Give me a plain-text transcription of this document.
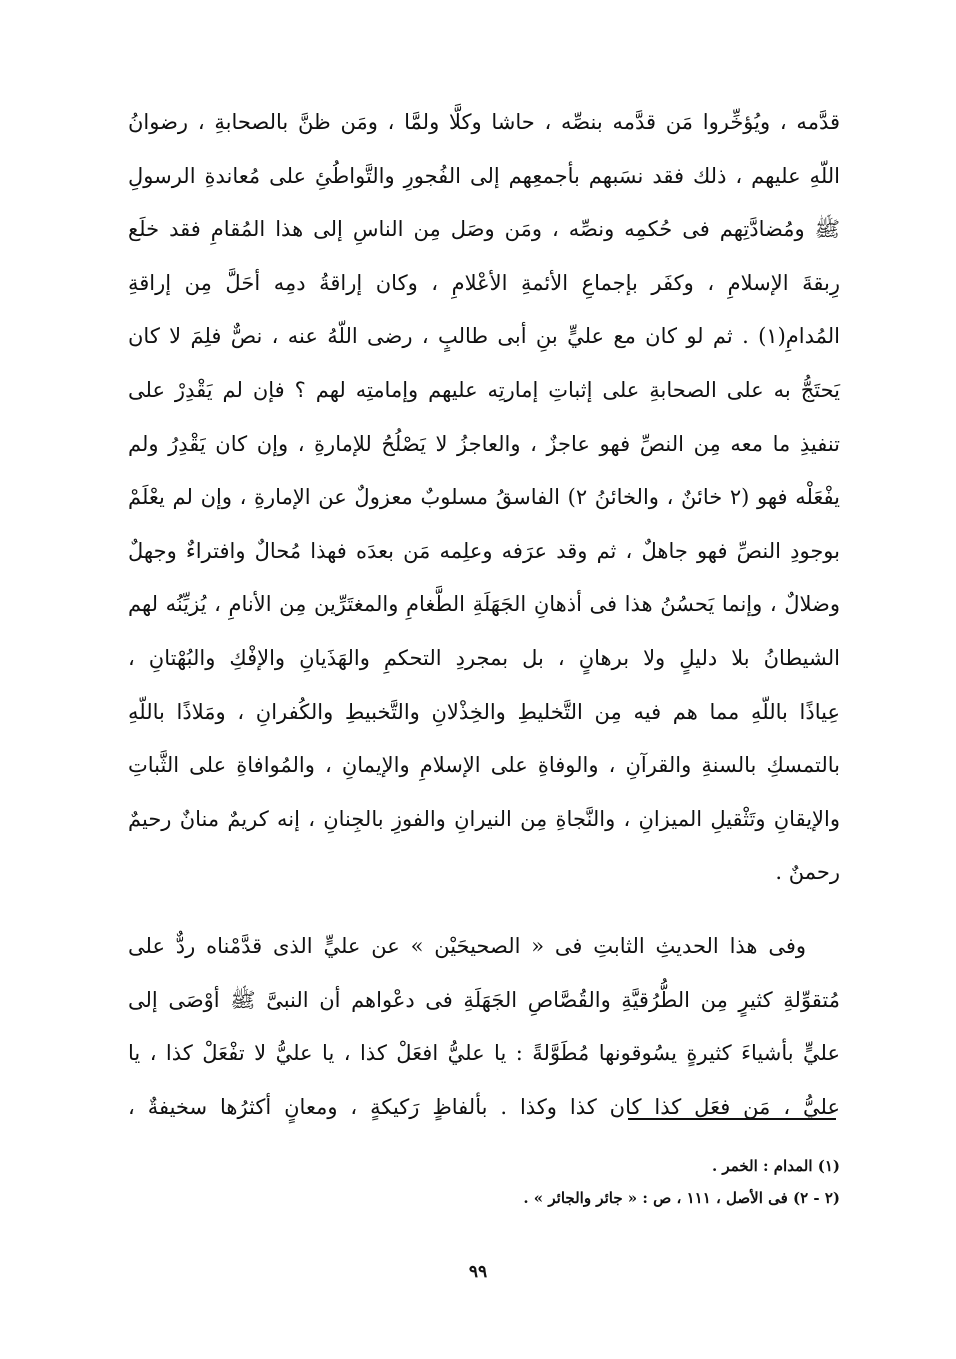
قدَّمه ، ويُؤخِّروا مَن قدَّمه بنصِّه ، حاشا وكلَّا ولمَّا ، ومَن ظنَّ بالصحابةِ ، رضوانُ
اللّهِ عليهم ، ذلك فقد نسَبهم بأجمعِهم إلى الفُجورِ والتَّواطُئِ على مُعاندةِ الرسولِ
ﷺ ومُضادَّتِهم فى حُكمِه ونصِّه ، ومَن وصَل مِن الناسِ إلى هذا المُقامِ فقد خلَع
رِبقةَ الإسلامِ ، وكفَر بإجماعِ الأئمةِ الأعْلامِ ، وكان إراقةُ دمِه أحَلَّ مِن إراقةِ
المُدامِ(١) . ثم لو كان مع عليٍّ بنِ أبى طالبٍ ، رضى اللّهُ عنه ، نصٌّ فلِمَ لا كان
يَحتَجُّ به على الصحابةِ على إثباتِ إمارتِه عليهم وإمامتِه لهم ؟ فإن لم يَقْدِرْ على
تنفيذِ ما معه مِن النصِّ فهو عاجزٌ ، والعاجزُ لا يَصْلُحُ للإمارةِ ، وإن كان يَقْدِرُ ولم
يفْعَلْه فهو (٢ خائنٌ ، والخائنُ ٢) الفاسقُ مسلوبٌ معزولٌ عن الإمارةِ ، وإن لم يعْلَمْ
بوجودِ النصِّ فهو جاهلٌ ، ثم وقد عرَفه وعلِمه مَن بعدَه فهذا مُحالٌ وافتراءٌ وجهلٌ
وضلالٌ ، وإنما يَحسُنُ هذا فى أذهانِ الجَهَلَةِ الطَّغامِ والمغتَرِّين مِن الأنامِ ، يُزيِّنُه لهم
الشيطانُ بلا دليلٍ ولا برهانٍ ، بل بمجردِ التحكمِ والهَذَيانِ والإفْكِ والبُهْتانِ ،
عِياذًا باللّهِ مما هم فيه مِن التَّخليطِ والخِذْلانِ والتَّخبيطِ والكُفرانِ ، ومَلاذًا باللّهِ
بالتمسكِ بالسنةِ والقرآنِ ، والوفاةِ على الإسلامِ والإيمانِ ، والمُوافاةِ على الثَّباتِ
والإيقانِ وتَثْقيلِ الميزانِ ، والنَّجاةِ مِن النيرانِ والفوزِ بالجِنانِ ، إنه كريمٌ منانٌ رحيمٌ
رحمنٌ .
وفى هذا الحديثِ الثابتِ فى « الصحيحَيْن » عن عليٍّ الذى قدَّمْناه ردٌّ على
مُتقوِّلةِ كثيرٍ مِن الطُّرُقيَّةِ والقُصَّاصِ الجَهَلَةِ فى دعْواهم أن النبىَّ ﷺ أوْصَى إلى
عليٍّ بأشياءَ كثيرةٍ يسُوقونها مُطَوَّلةً : يا عليُّ افعَلْ كذا ، يا عليُّ لا تفْعَلْ كذا ، يا
عليُّ ، مَن فعَل كذا كان كذا وكذا . بألفاظٍ رَكيكةٍ ، ومعانٍ أكثرُها سخيفةٌ ،
(١) المدام : الخمر .
(٢ - ٢) فى الأصل ، ١١١ ، ص : « جائر والجائر » .
٩٩
